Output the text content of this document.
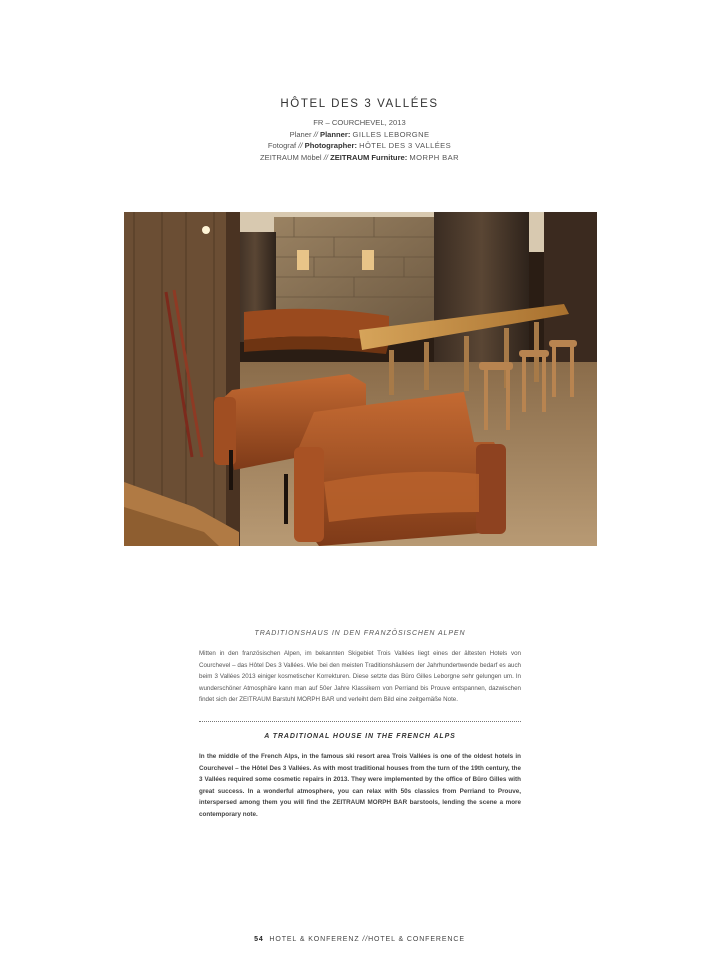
HÔTEL DES 3 VALLÉES
FR – COURCHEVEL, 2013
Planer // Planner: GILLES LEBORGNE
Fotograf // Photographer: HÔTEL DES 3 VALLÉES
ZEITRAUM Möbel // ZEITRAUM Furniture: MORPH BAR
TRADITIONSHAUS IN DEN FRANZÖSISCHEN ALPEN
Mitten in den französischen Alpen, im bekannten Skigebiet Trois Vallées liegt eines der ältesten Hotels von Courchevel – das Hôtel Des 3 Vallées. Wie bei den meisten Traditionshäusern der Jahrhundertwende bedarf es auch beim 3 Vallées 2013 einiger kosmetischer Korrekturen. Diese setzte das Büro Gilles Leborgne sehr gelungen um. In wunderschöner Atmosphäre kann man auf 50er Jahre Klassikern von Perriand bis Prouve entspannen, dazwischen findet sich der ZEITRAUM Barstuhl MORPH BAR und verleiht dem Bild eine zeitgemäße Note.
A TRADITIONAL HOUSE IN THE FRENCH ALPS
In the middle of the French Alps, in the famous ski resort area Trois Vallées is one of the oldest hotels in Courchevel – the Hôtel Des 3 Vallées. As with most traditional houses from the turn of the 19th century, the 3 Vallées required some cosmetic repairs in 2013. They were implemented by the office of Büro Gilles with great success. In a wonderful atmosphere, you can relax with 50s classics from Perriand to Prouve, interspersed among them you will find the ZEITRAUM MORPH BAR barstools, lending the scene a more contemporary note.
54 HOTEL & KONFERENZ //HOTEL & CONFERENCE
